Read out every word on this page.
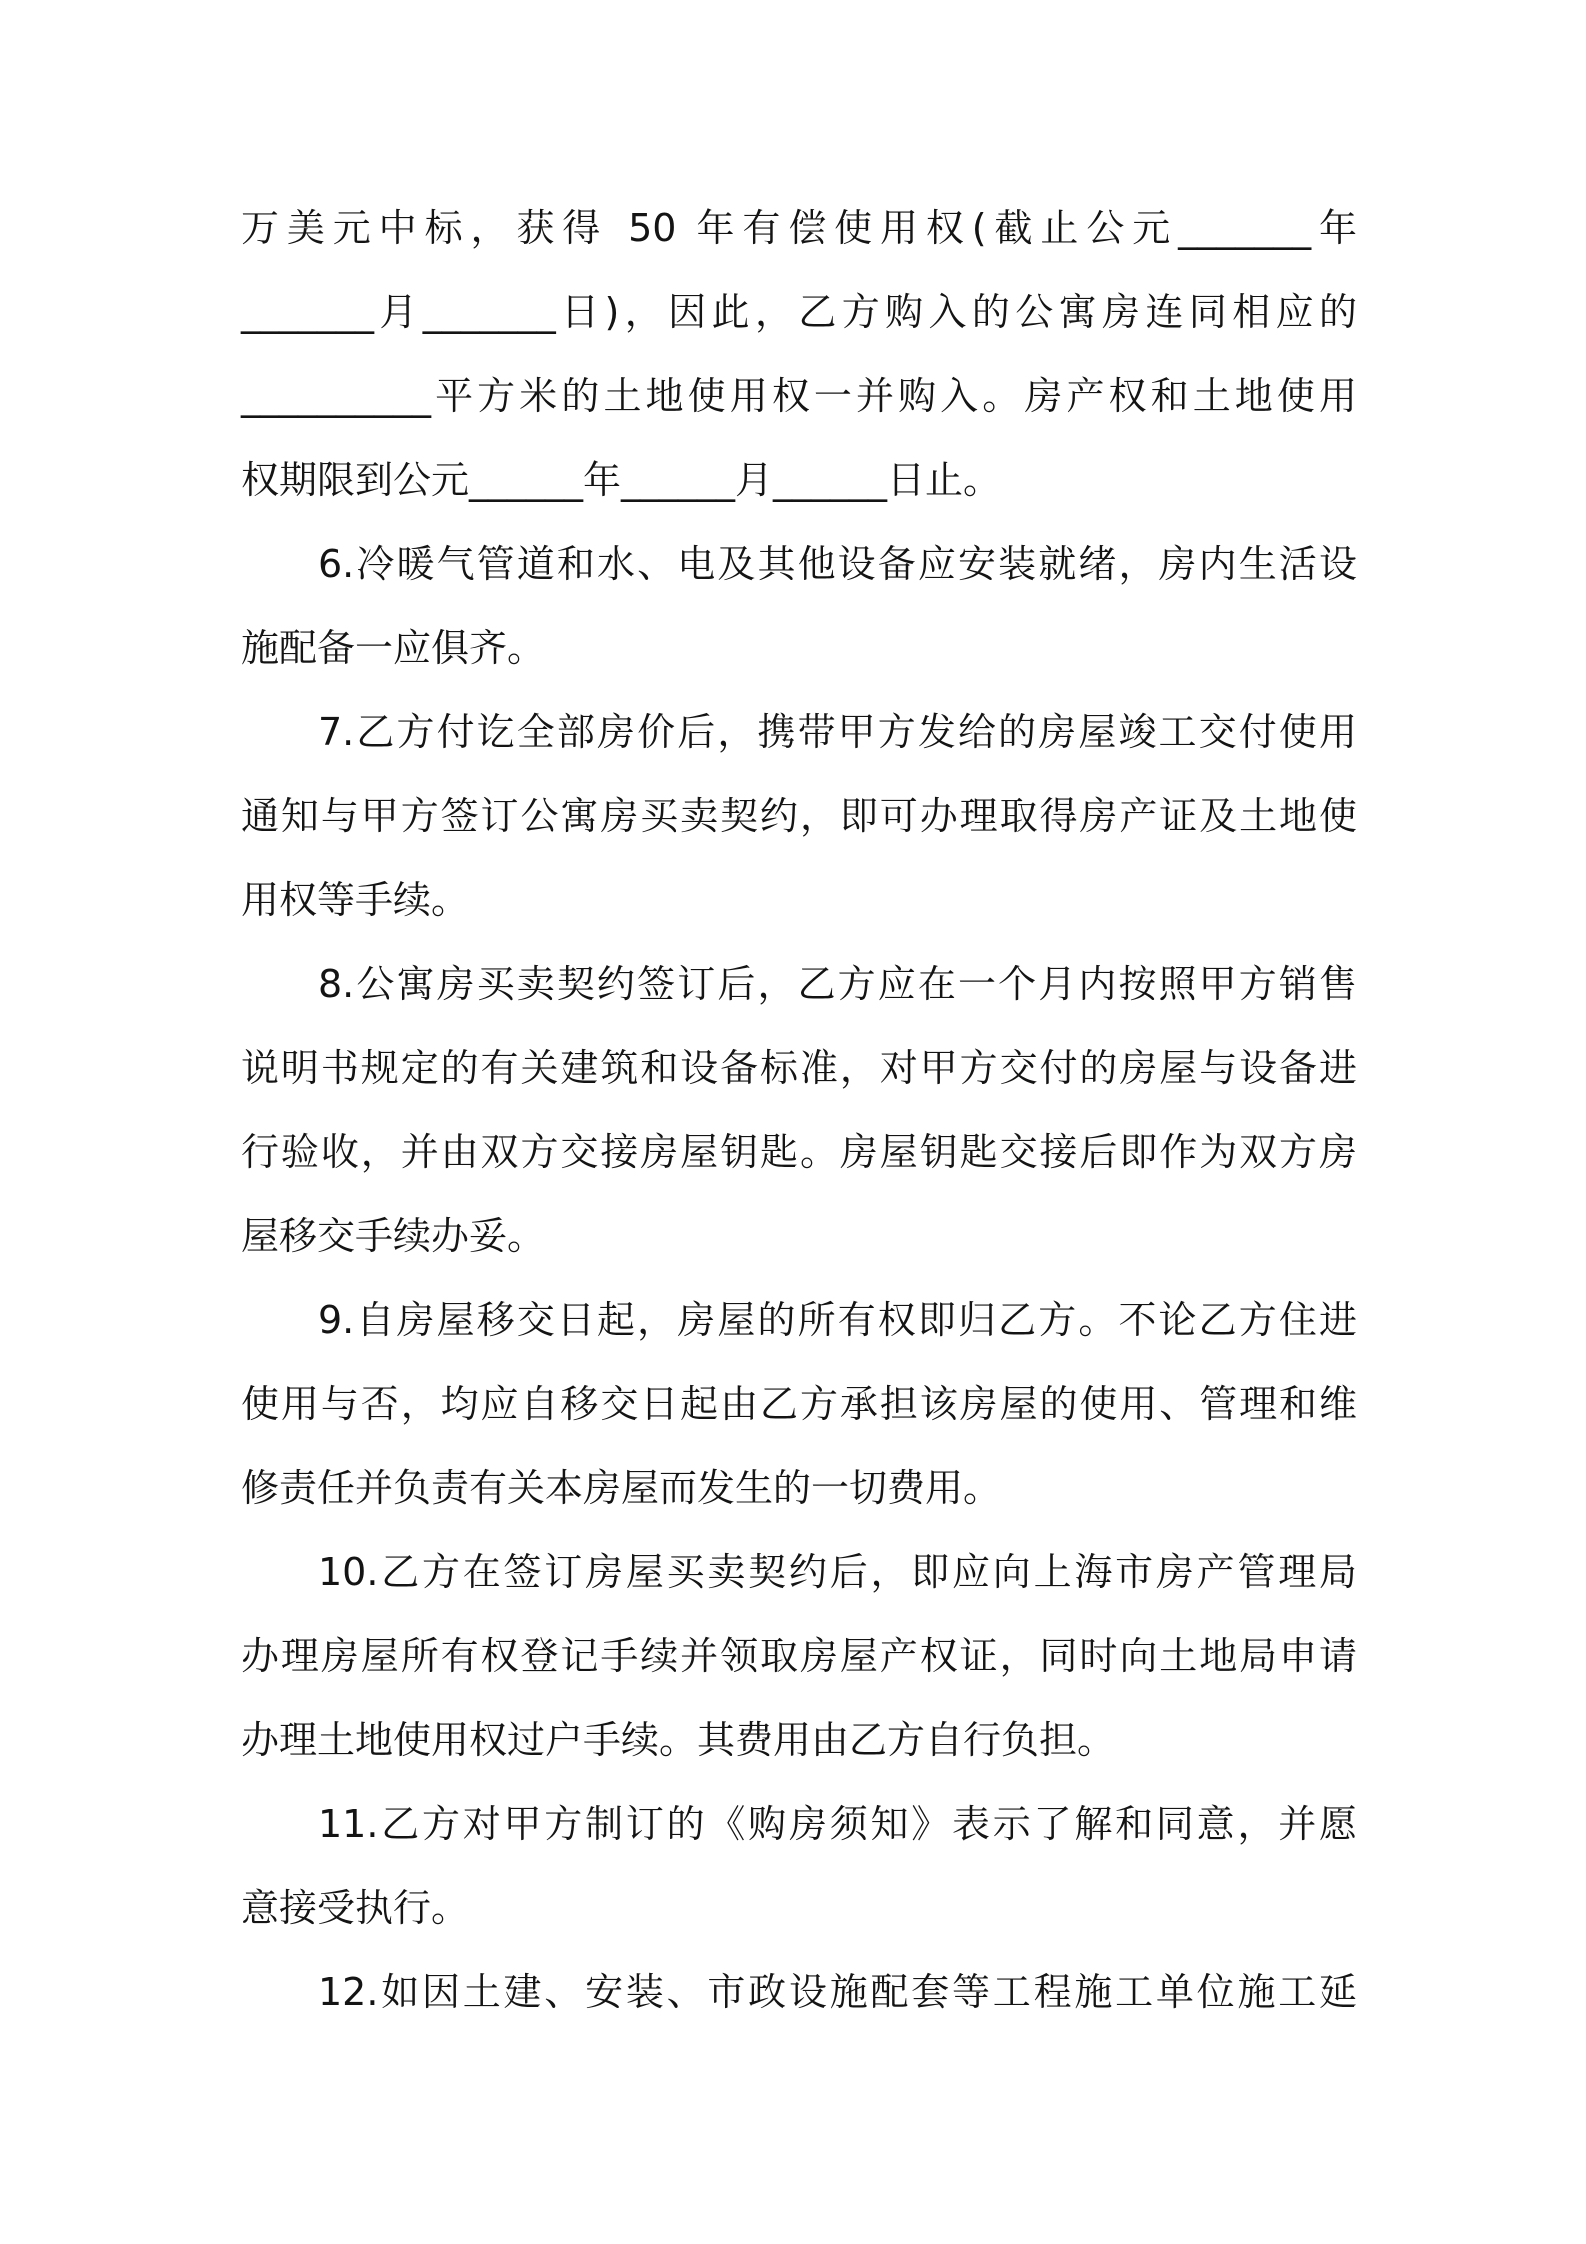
万美元中标，获得 50 年有偿使用权(截止公元_______年
_______月_______日)，因此，乙方购入的公寓房连同相应的
__________平方米的土地使用权一并购入。房产权和土地使用
权期限到公元______年______月______日止。
6.冷暖气管道和水、电及其他设备应安装就绪，房内生活设
施配备一应俱齐。
7.乙方付讫全部房价后，携带甲方发给的房屋竣工交付使用
通知与甲方签订公寓房买卖契约，即可办理取得房产证及土地使
用权等手续。
8.公寓房买卖契约签订后，乙方应在一个月内按照甲方销售
说明书规定的有关建筑和设备标准，对甲方交付的房屋与设备进
行验收，并由双方交接房屋钥匙。房屋钥匙交接后即作为双方房
屋移交手续办妥。
9.自房屋移交日起，房屋的所有权即归乙方。不论乙方住进
使用与否，均应自移交日起由乙方承担该房屋的使用、管理和维
修责任并负责有关本房屋而发生的一切费用。
10.乙方在签订房屋买卖契约后，即应向上海市房产管理局
办理房屋所有权登记手续并领取房屋产权证，同时向土地局申请
办理土地使用权过户手续。其费用由乙方自行负担。
11.乙方对甲方制订的《购房须知》表示了解和同意，并愿
意接受执行。
12.如因土建、安装、市政设施配套等工程施工单位施工延
